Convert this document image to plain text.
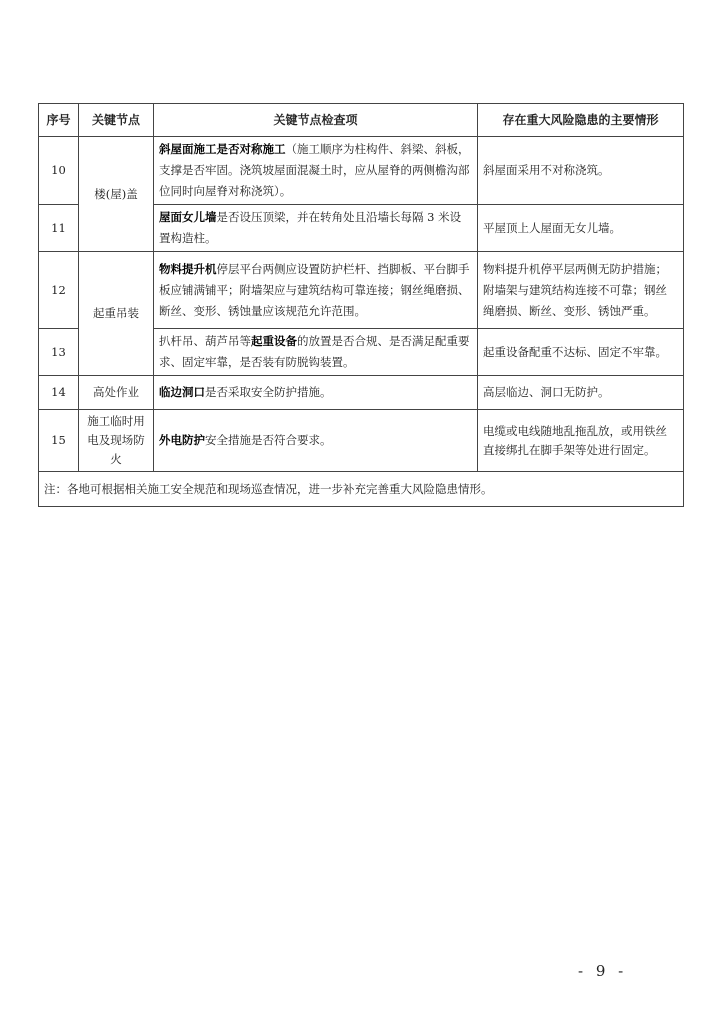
序号	关键节点	关键节点检查项	存在重大风险隐患的主要情形
10	楼(屋)盖	斜屋面施工是否对称施工（施工顺序为柱构件、斜梁、斜板，支撑是否牢固。浇筑坡屋面混凝土时，应从屋脊的两侧檐沟部位同时向屋脊对称浇筑）。	斜屋面采用不对称浇筑。
11		屋面女儿墙是否设压顶梁，并在转角处且沿墙长每隔 3 米设置构造柱。	平屋顶上人屋面无女儿墙。
12	起重吊装	物料提升机停层平台两侧应设置防护栏杆、挡脚板、平台脚手板应铺满铺平；附墙架应与建筑结构可靠连接；钢丝绳磨损、断丝、变形、锈蚀量应该规范允许范围。	物料提升机停平层两侧无防护措施；附墙架与建筑结构连接不可靠；钢丝绳磨损、断丝、变形、锈蚀严重。
13		扒杆吊、葫芦吊等起重设备的放置是否合规、是否满足配重要求、固定牢靠，是否装有防脱钩装置。	起重设备配重不达标、固定不牢靠。
14	高处作业	临边洞口是否采取安全防护措施。	高层临边、洞口无防护。
15	施工临时用电及现场防火	外电防护安全措施是否符合要求。	电缆或电线随地乱拖乱放，或用铁丝直接绑扎在脚手架等处进行固定。
注：各地可根据相关施工安全规范和现场巡查情况，进一步补充完善重大风险隐患情形。			
- 9 -
